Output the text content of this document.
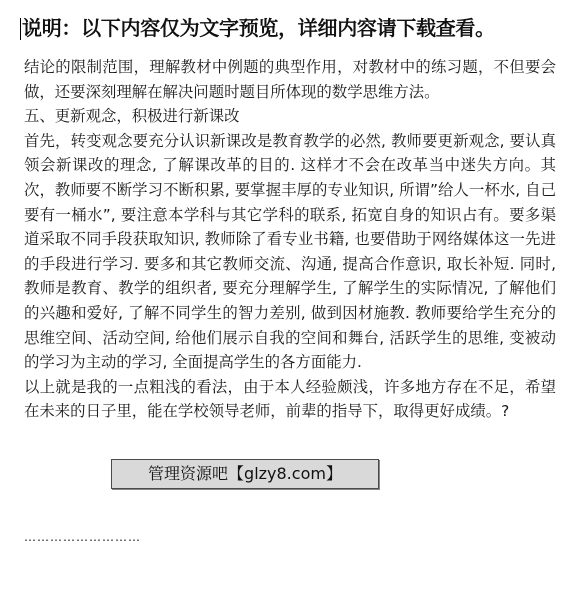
说明：以下内容仅为文字预览，详细内容请下载查看。

结论的限制范围，理解教材中例题的典型作用，对教材中的练习题，不但要会做，还要深刻理解在解决问题时题目所体现的数学思维方法。

五、更新观念，积极进行新课改

首先，转变观念要充分认识新课改是教育教学的必然, 教师要更新观念, 要认真领会新课改的理念, 了解课改革的目的. 这样才不会在改革当中迷失方向。其次，教师要不断学习不断积累, 要掌握丰厚的专业知识, 所谓”给人一杯水, 自己要有一桶水”, 要注意本学科与其它学科的联系, 拓宽自身的知识占有。要多渠道采取不同手段获取知识, 教师除了看专业书籍, 也要借助于网络媒体这一先进的手段进行学习. 要多和其它教师交流、沟通, 提高合作意识, 取长补短. 同时, 教师是教育、教学的组织者, 要充分理解学生, 了解学生的实际情况, 了解他们的兴趣和爱好, 了解不同学生的智力差别, 做到因材施教. 教师要给学生充分的思维空间、活动空间, 给他们展示自我的空间和舞台, 活跃学生的思维, 变被动的学习为主动的学习, 全面提高学生的各方面能力.

以上就是我的一点粗浅的看法，由于本人经验颇浅，许多地方存在不足，希望在未来的日子里，能在学校领导老师，前辈的指导下，取得更好成绩。?

管理资源吧【glzy8.com】
………………………
